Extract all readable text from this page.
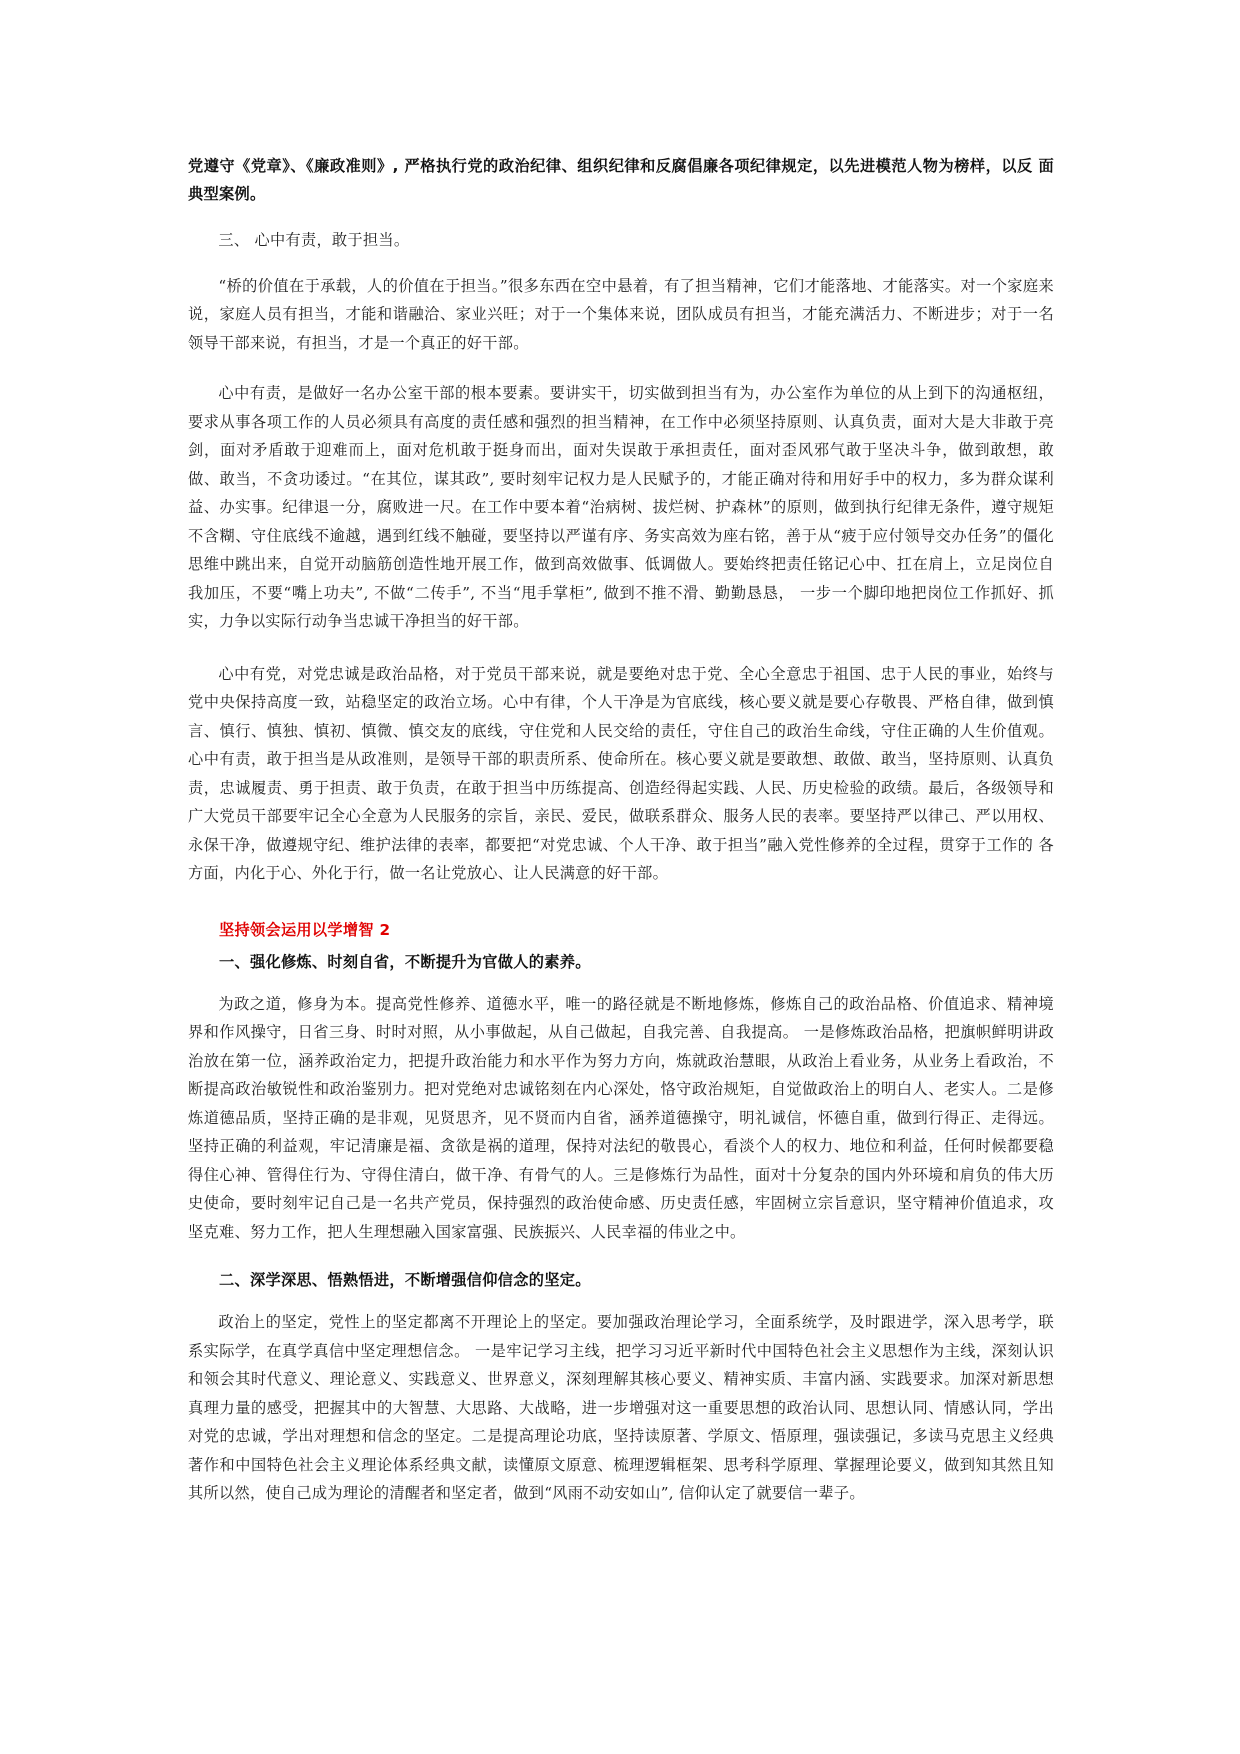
党遵守《党章》、《廉政准则》, 严格执行党的政治纪律、组织纪律和反腐倡廉各项纪律规定，以先进模范人物为榜样，以反 面典型案例。

三、 心中有责，敢于担当。

“桥的价值在于承载，人的价值在于担当。”很多东西在空中悬着，有了担当精神，它们才能落地、才能落实。对一个家庭来说，家庭人员有担当，才能和谐融洽、家业兴旺；对于一个集体来说，团队成员有担当，才能充满活力、不断进步；对于一名领导干部来说，有担当，才是一个真正的好干部。

心中有责，是做好一名办公室干部的根本要素。要讲实干，切实做到担当有为，办公室作为单位的从上到下的沟通枢纽，要求从事各项工作的人员必须具有高度的责任感和强烈的担当精神，在工作中必须坚持原则、认真负责，面对大是大非敢于亮剑，面对矛盾敢于迎难而上，面对危机敢于挺身而出，面对失误敢于承担责任，面对歪风邪气敢于坚决斗争，做到敢想，敢做、敢当，不贪功诿过。“在其位，谋其政”, 要时刻牢记权力是人民赋予的，才能正确对待和用好手中的权力，多为群众谋利益、办实事。纪律退一分，腐败进一尺。在工作中要本着“治病树、拔烂树、护森林”的原则，做到执行纪律无条件，遵守规矩不含糊、守住底线不逾越，遇到红线不触碰，要坚持以严谨有序、务实高效为座右铭，善于从“疲于应付领导交办任务”的僵化思维中跳出来，自觉开动脑筋创造性地开展工作，做到高效做事、低调做人。要始终把责任铭记心中、扛在肩上，立足岗位自我加压，不要“嘴上功夫”, 不做“二传手”, 不当“甩手掌柜”, 做到不推不滑、勤勤恳恳， 一步一个脚印地把岗位工作抓好、抓实，力争以实际行动争当忠诚干净担当的好干部。

心中有党，对党忠诚是政治品格，对于党员干部来说，就是要绝对忠于党、全心全意忠于祖国、忠于人民的事业，始终与党中央保持高度一致，站稳坚定的政治立场。心中有律，个人干净是为官底线，核心要义就是要心存敬畏、严格自律，做到慎 言、慎行、慎独、慎初、慎微、慎交友的底线，守住党和人民交给的责任，守住自己的政治生命线，守住正确的人生价值观。 心中有责，敢于担当是从政准则，是领导干部的职责所系、使命所在。核心要义就是要敢想、敢做、敢当，坚持原则、认真负 责，忠诚履责、勇于担责、敢于负责，在敢于担当中历练提高、创造经得起实践、人民、历史检验的政绩。最后，各级领导和 广大党员干部要牢记全心全意为人民服务的宗旨，亲民、爱民，做联系群众、服务人民的表率。要坚持严以律己、严以用权、 永保干净，做遵规守纪、维护法律的表率，都要把“对党忠诚、个人干净、敢于担当”融入党性修养的全过程，贯穿于工作的 各方面，内化于心、外化于行，做一名让党放心、让人民满意的好干部。

坚持领会运用以学增智 2

一、强化修炼、时刻自省，不断提升为官做人的素养。

为政之道，修身为本。提高党性修养、道德水平，唯一的路径就是不断地修炼，修炼自己的政治品格、价值追求、精神境 界和作风操守，日省三身、时时对照，从小事做起，从自己做起，自我完善、自我提高。 一是修炼政治品格，把旗帜鲜明讲政 治放在第一位，涵养政治定力，把提升政治能力和水平作为努力方向，炼就政治慧眼，从政治上看业务，从业务上看政治，不 断提高政治敏锐性和政治鉴别力。把对党绝对忠诚铭刻在内心深处，恪守政治规矩，自觉做政治上的明白人、老实人。二是修 炼道德品质，坚持正确的是非观，见贤思齐，见不贤而内自省，涵养道德操守，明礼诚信，怀德自重，做到行得正、走得远。 坚持正确的利益观，牢记清廉是福、贪欲是祸的道理，保持对法纪的敬畏心，看淡个人的权力、地位和利益，任何时候都要稳 得住心神、管得住行为、守得住清白，做干净、有骨气的人。三是修炼行为品性，面对十分复杂的国内外环境和肩负的伟大历 史使命，要时刻牢记自己是一名共产党员，保持强烈的政治使命感、历史责任感，牢固树立宗旨意识，坚守精神价值追求，攻 坚克难、努力工作，把人生理想融入国家富强、民族振兴、人民幸福的伟业之中。

二、深学深思、悟熟悟进，不断增强信仰信念的坚定。

政治上的坚定，党性上的坚定都离不开理论上的坚定。要加强政治理论学习，全面系统学，及时跟进学，深入思考学，联系实际学，在真学真信中坚定理想信念。 一是牢记学习主线，把学习习近平新时代中国特色社会主义思想作为主线，深刻认识 和领会其时代意义、理论意义、实践意义、世界意义，深刻理解其核心要义、精神实质、丰富内涵、实践要求。加深对新思想 真理力量的感受，把握其中的大智慧、大思路、大战略，进一步增强对这一重要思想的政治认同、思想认同、情感认同，学出 对党的忠诚，学出对理想和信念的坚定。二是提高理论功底，坚持读原著、学原文、悟原理，强读强记，多读马克思主义经典 著作和中国特色社会主义理论体系经典文献，读懂原文原意、梳理逻辑框架、思考科学原理、掌握理论要义，做到知其然且知 其所以然，使自己成为理论的清醒者和坚定者，做到“风雨不动安如山”, 信仰认定了就要信一辈子。
